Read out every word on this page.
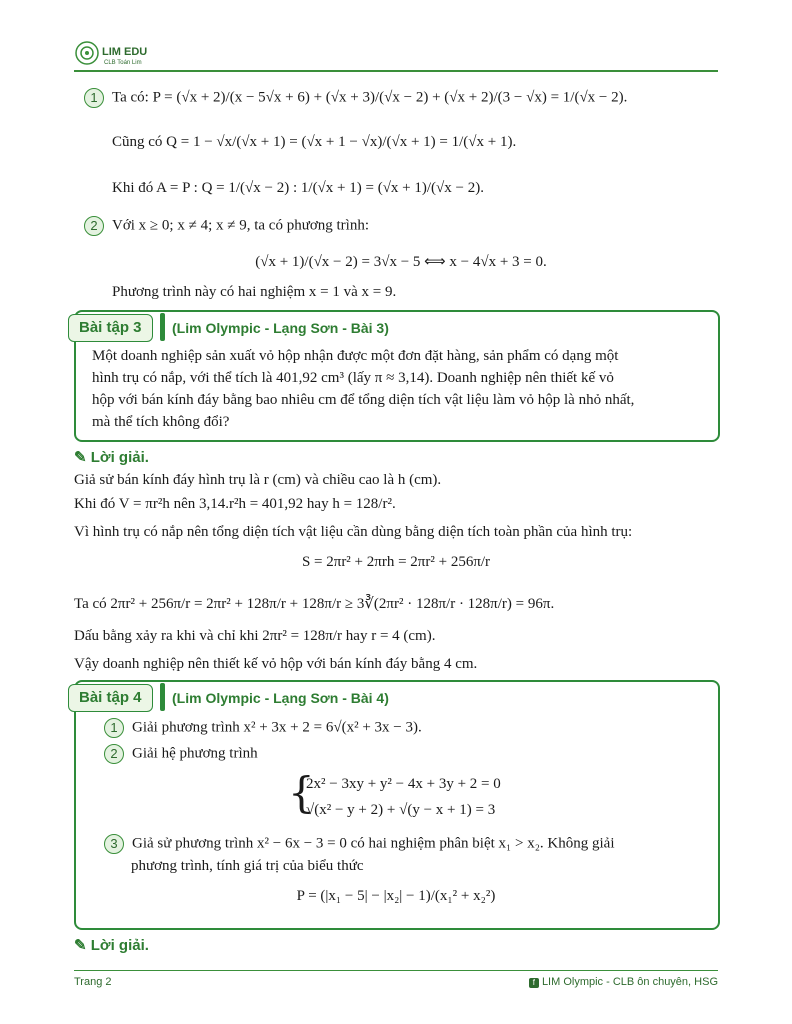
LIM EDU
CLB Toán Lim
1 Ta có: P = (√x + 2)/(x − 5√x + 6) + (√x + 3)/(√x − 2) + (√x + 2)/(3 − √x) = 1/(√x − 2).
Cũng có Q = 1 − √x/(√x + 1) = (√x + 1 − √x)/(√x + 1) = 1/(√x + 1).
Khi đó A = P : Q = 1/(√x − 2) : 1/(√x + 1) = (√x + 1)/(√x − 2).
2 Với x ≥ 0; x ≠ 4; x ≠ 9, ta có phương trình:
(√x + 1)/(√x − 2) = 3√x − 5 ⟺ x − 4√x + 3 = 0.
Phương trình này có hai nghiệm x = 1 và x = 9.
Bài tập 3	(Lim Olympic - Lạng Sơn - Bài 3)
Một doanh nghiệp sản xuất vỏ hộp nhận được một đơn đặt hàng, sản phẩm có dạng một
hình trụ có nắp, với thể tích là 401,92 cm³ (lấy π ≈ 3,14). Doanh nghiệp nên thiết kế vỏ
hộp với bán kính đáy bằng bao nhiêu cm để tổng diện tích vật liệu làm vỏ hộp là nhỏ nhất,
mà thể tích không đổi?
✎ Lời giải.
Giả sử bán kính đáy hình trụ là r (cm) và chiều cao là h (cm).
Khi đó V = πr²h nên 3,14.r²h = 401,92 hay h = 128/r².
Vì hình trụ có nắp nên tổng diện tích vật liệu cần dùng bằng diện tích toàn phần của hình trụ:
S = 2πr² + 2πrh = 2πr² + 256π/r
Ta có 2πr² + 256π/r = 2πr² + 128π/r + 128π/r ≥ 3∛(2πr² · 128π/r · 128π/r) = 96π.
Dấu bằng xảy ra khi và chỉ khi 2πr² = 128π/r hay r = 4 (cm).
Vậy doanh nghiệp nên thiết kế vỏ hộp với bán kính đáy bằng 4 cm.
Bài tập 4	(Lim Olympic - Lạng Sơn - Bài 4)
1 Giải phương trình x² + 3x + 2 = 6√(x² + 3x − 3).
2 Giải hệ phương trình
{
2x² − 3xy + y² − 4x + 3y + 2 = 0
√(x² − y + 2) + √(y − x + 1) = 3
3 Giả sử phương trình x² − 6x − 3 = 0 có hai nghiệm phân biệt x₁ > x₂. Không giải
phương trình, tính giá trị của biểu thức
P = (|x₁ − 5| − |x₂| − 1)/(x₁² + x₂²)
✎ Lời giải.
Trang 2	f LIM Olympic - CLB ôn chuyên, HSG
